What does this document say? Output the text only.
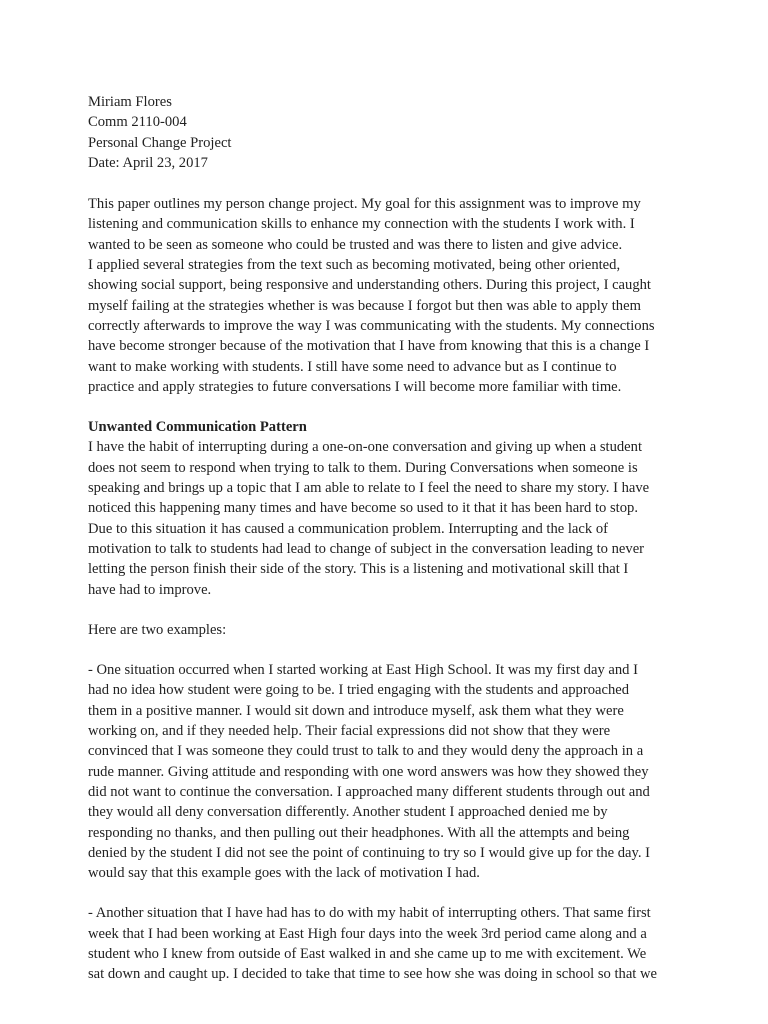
Miriam Flores
Comm 2110-004
Personal Change Project
Date: April 23, 2017

This paper outlines my person change project. My goal for this assignment was to improve my
listening and communication skills to enhance my connection with the students I work with. I
wanted to be seen as someone who could be trusted and was there to listen and give advice.
I applied several strategies from the text such as becoming motivated, being other oriented,
showing social support, being responsive and understanding others. During this project, I caught
myself failing at the strategies whether is was because I forgot but then was able to apply them
correctly afterwards to improve the way I was communicating with the students. My connections
have become stronger because of the motivation that I have from knowing that this is a change I
want to make working with students. I still have some need to advance but as I continue to
practice and apply strategies to future conversations I will become more familiar with time.

Unwanted Communication Pattern

I have the habit of interrupting during a one-on-one conversation and giving up when a student
does not seem to respond when trying to talk to them. During Conversations when someone is
speaking and brings up a topic that I am able to relate to I feel the need to share my story. I have
noticed this happening many times and have become so used to it that it has been hard to stop.
Due to this situation it has caused a communication problem. Interrupting and the lack of
motivation to talk to students had lead to change of subject in the conversation leading to never
letting the person finish their side of the story. This is a listening and motivational skill that I
have had to improve.

Here are two examples:

- One situation occurred when I started working at East High School. It was my first day and I
had no idea how student were going to be. I tried engaging with the students and approached
them in a positive manner. I would sit down and introduce myself, ask them what they were
working on, and if they needed help. Their facial expressions did not show that they were
convinced that I was someone they could trust to talk to and they would deny the approach in a
rude manner. Giving attitude and responding with one word answers was how they showed they
did not want to continue the conversation. I approached many different students through out and
they would all deny conversation differently. Another student I approached denied me by
responding no thanks, and then pulling out their headphones. With all the attempts and being
denied by the student I did not see the point of continuing to try so I would give up for the day. I
would say that this example goes with the lack of motivation I had.

- Another situation that I have had has to do with my habit of interrupting others. That same first
week that I had been working at East High four days into the week 3rd period came along and a
student who I knew from outside of East walked in and she came up to me with excitement. We
sat down and caught up. I decided to take that time to see how she was doing in school so that we
